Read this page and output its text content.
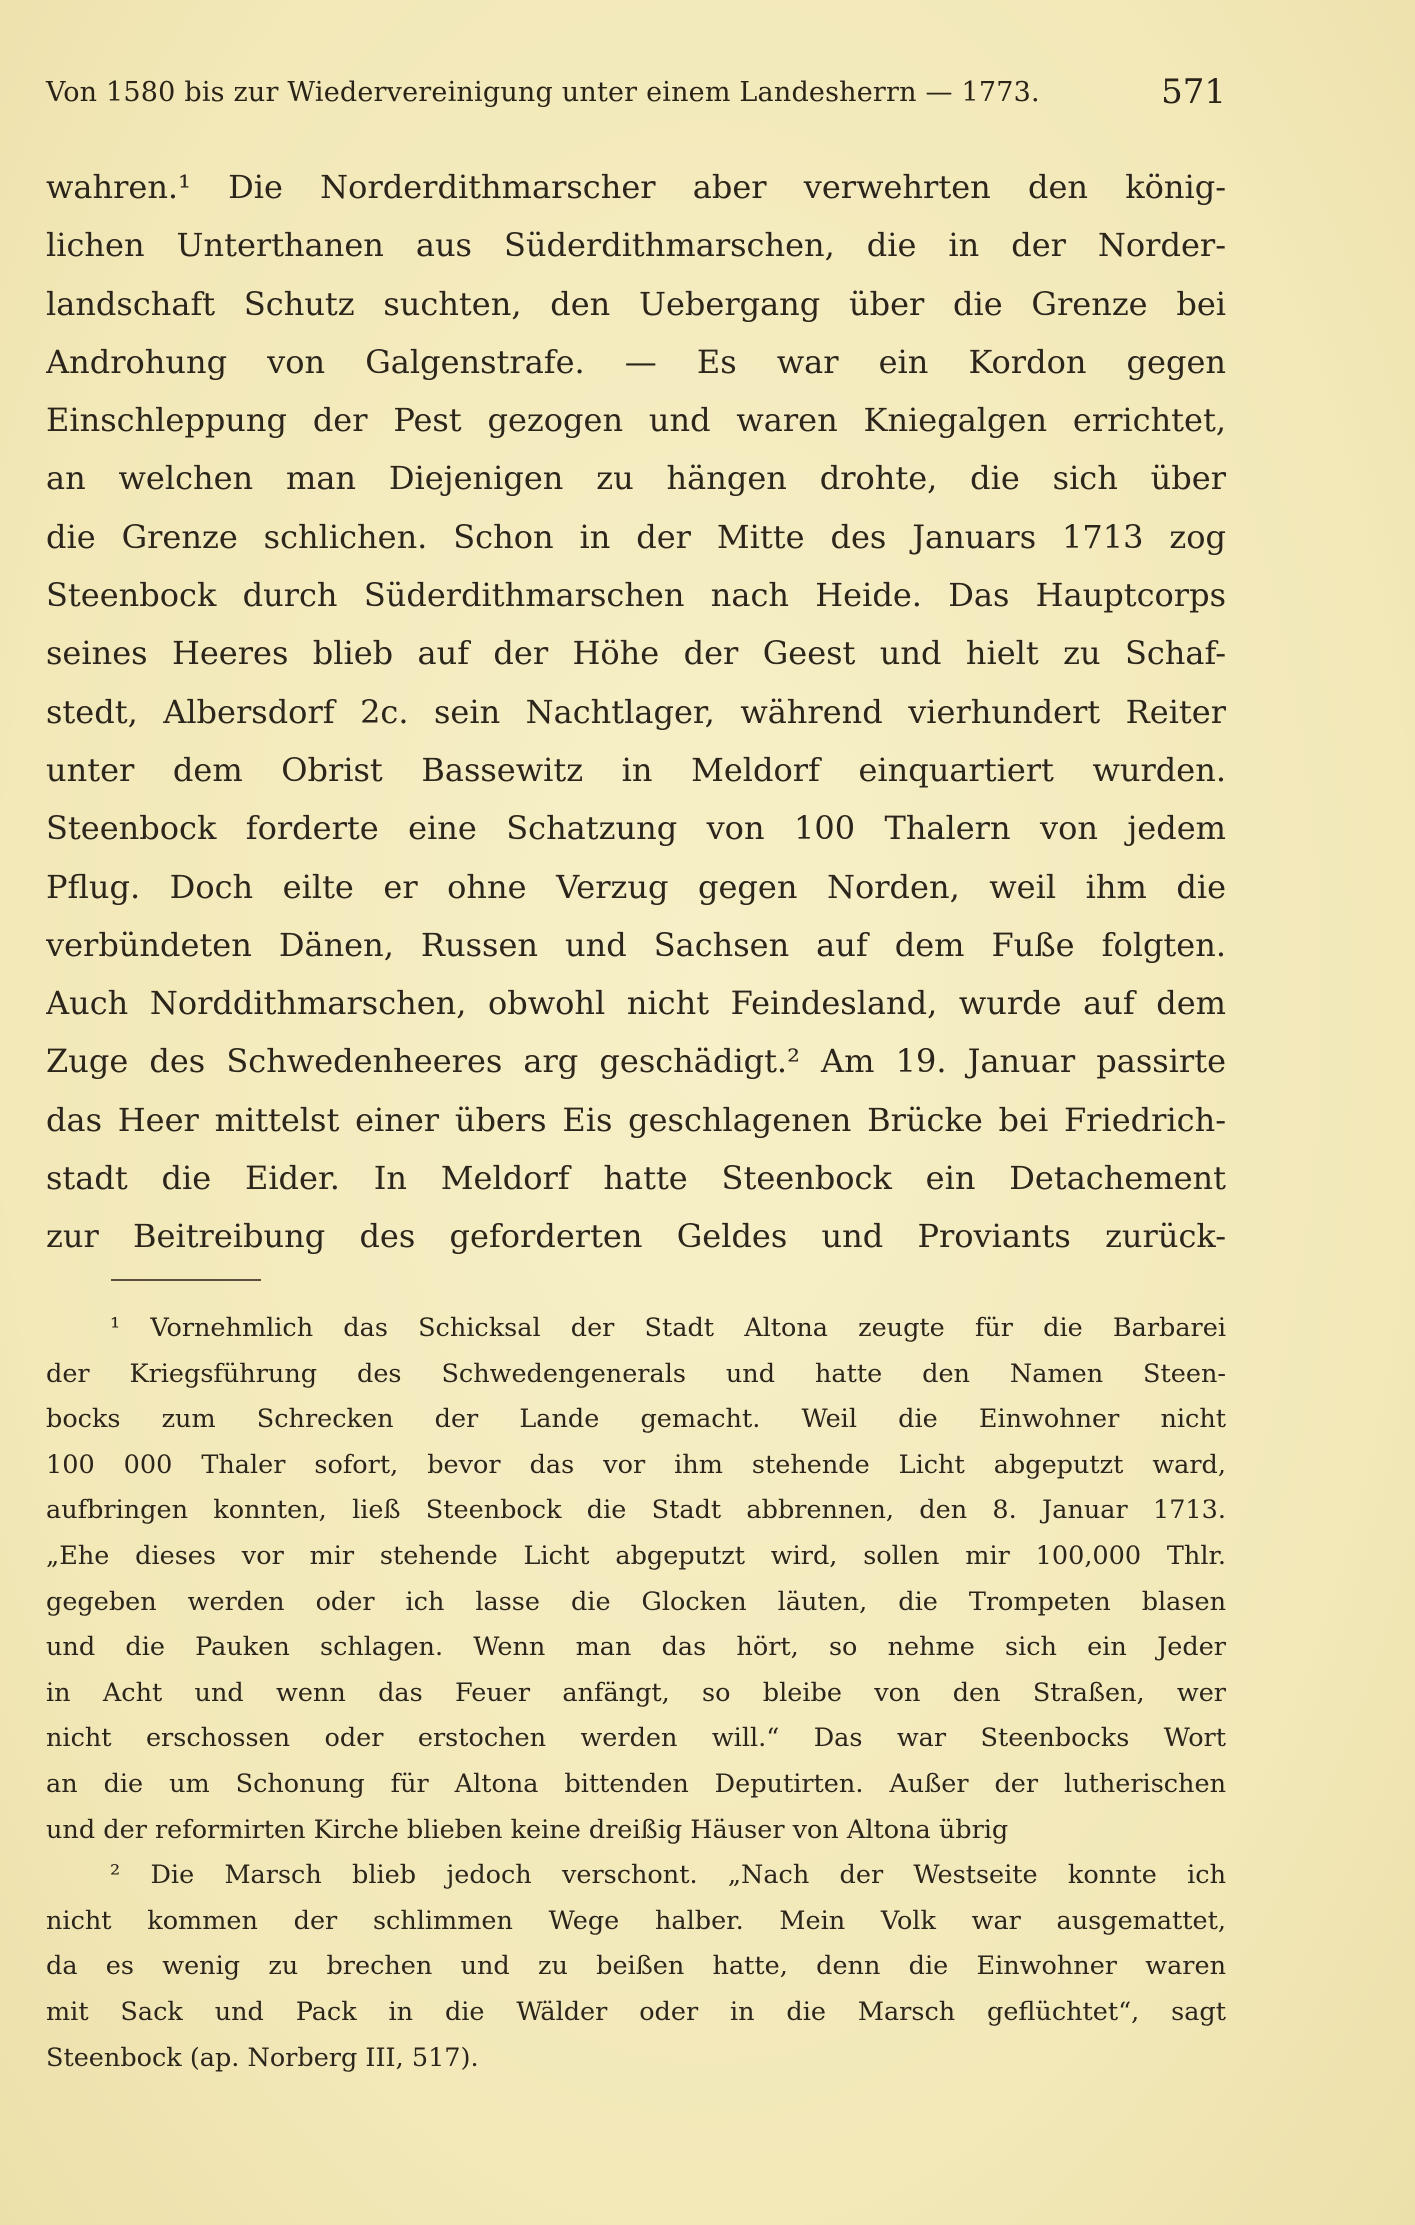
Von 1580 bis zur Wiedervereinigung unter einem Landesherrn — 1773.	571
wahren.¹ Die Norderdithmarscher aber verwehrten den könig-
lichen Unterthanen aus Süderdithmarschen, die in der Norder-
landschaft Schutz suchten, den Uebergang über die Grenze bei
Androhung von Galgenstrafe. — Es war ein Kordon gegen
Einschleppung der Pest gezogen und waren Kniegalgen errichtet,
an welchen man Diejenigen zu hängen drohte, die sich über
die Grenze schlichen. Schon in der Mitte des Januars 1713 zog
Steenbock durch Süderdithmarschen nach Heide. Das Hauptcorps
seines Heeres blieb auf der Höhe der Geest und hielt zu Schaf-
stedt, Albersdorf 2c. sein Nachtlager, während vierhundert Reiter
unter dem Obrist Bassewitz in Meldorf einquartiert wurden.
Steenbock forderte eine Schatzung von 100 Thalern von jedem
Pflug. Doch eilte er ohne Verzug gegen Norden, weil ihm die
verbündeten Dänen, Russen und Sachsen auf dem Fuße folgten.
Auch Norddithmarschen, obwohl nicht Feindesland, wurde auf dem
Zuge des Schwedenheeres arg geschädigt.² Am 19. Januar passirte
das Heer mittelst einer übers Eis geschlagenen Brücke bei Friedrich-
stadt die Eider. In Meldorf hatte Steenbock ein Detachement
zur Beitreibung des geforderten Geldes und Proviants zurück-
¹ Vornehmlich das Schicksal der Stadt Altona zeugte für die Barbarei
der Kriegsführung des Schwedengenerals und hatte den Namen Steen-
bocks zum Schrecken der Lande gemacht. Weil die Einwohner nicht
100 000 Thaler sofort, bevor das vor ihm stehende Licht abgeputzt ward,
aufbringen konnten, ließ Steenbock die Stadt abbrennen, den 8. Januar 1713.
„Ehe dieses vor mir stehende Licht abgeputzt wird, sollen mir 100,000 Thlr.
gegeben werden oder ich lasse die Glocken läuten, die Trompeten blasen
und die Pauken schlagen. Wenn man das hört, so nehme sich ein Jeder
in Acht und wenn das Feuer anfängt, so bleibe von den Straßen, wer
nicht erschossen oder erstochen werden will.“ Das war Steenbocks Wort
an die um Schonung für Altona bittenden Deputirten. Außer der lutherischen
und der reformirten Kirche blieben keine dreißig Häuser von Altona übrig
² Die Marsch blieb jedoch verschont. „Nach der Westseite konnte ich
nicht kommen der schlimmen Wege halber. Mein Volk war ausgemattet,
da es wenig zu brechen und zu beißen hatte, denn die Einwohner waren
mit Sack und Pack in die Wälder oder in die Marsch geflüchtet“, sagt
Steenbock (ap. Norberg III, 517).
